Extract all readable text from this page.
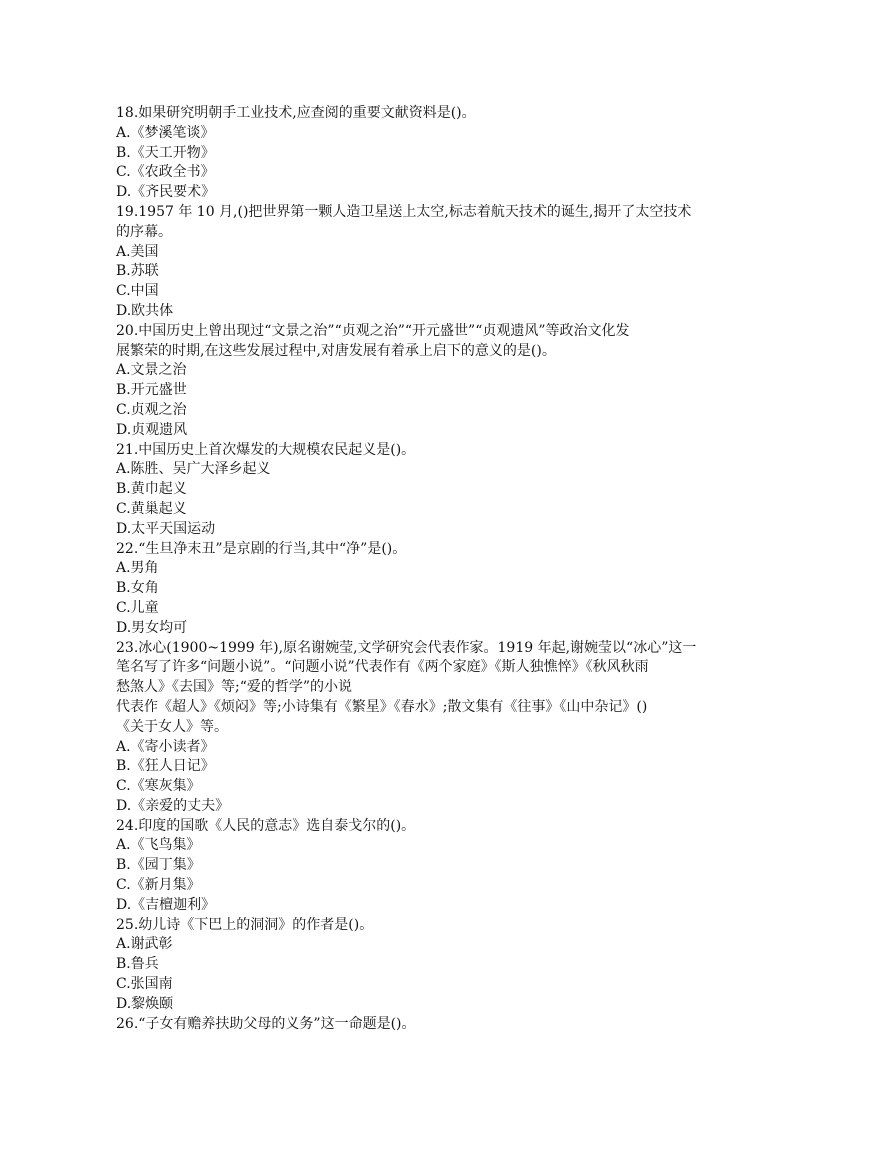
18.如果研究明朝手工业技术,应查阅的重要文献资料是()。

A.《梦溪笔谈》

B.《天工开物》

C.《农政全书》

D.《齐民要术》

19.1957 年 10 月,()把世界第一颗人造卫星送上太空,标志着航天技术的诞生,揭开了太空技术

的序幕。

A.美国

B.苏联

C.中国

D.欧共体

20.中国历史上曾出现过“文景之治”“贞观之治”“开元盛世”“贞观遗风”等政治文化发

展繁荣的时期,在这些发展过程中,对唐发展有着承上启下的意义的是()。

A.文景之治

B.开元盛世

C.贞观之治

D.贞观遗风

21.中国历史上首次爆发的大规模农民起义是()。

A.陈胜、吴广大泽乡起义

B.黄巾起义

C.黄巢起义

D.太平天国运动

22.“生旦净末丑”是京剧的行当,其中“净”是()。

A.男角

B.女角

C.儿童

D.男女均可

23.冰心(1900~1999 年),原名谢婉莹,文学研究会代表作家。1919 年起,谢婉莹以“冰心”这一

笔名写了许多“问题小说”。“问题小说”代表作有《两个家庭》《斯人独憔悴》《秋风秋雨

愁煞人》《去国》等;“爱的哲学”的小说

代表作《超人》《烦闷》等;小诗集有《繁星》《春水》;散文集有《往事》《山中杂记》()

《关于女人》等。

A.《寄小读者》

B.《狂人日记》

C.《寒灰集》

D.《亲爱的丈夫》

24.印度的国歌《人民的意志》选自泰戈尔的()。

A.《飞鸟集》

B.《园丁集》

C.《新月集》

D.《吉檀迦利》

25.幼儿诗《下巴上的洞洞》的作者是()。

A.谢武彰

B.鲁兵

C.张国南

D.黎焕颐

26.“子女有赡养扶助父母的义务”这一命题是()。
